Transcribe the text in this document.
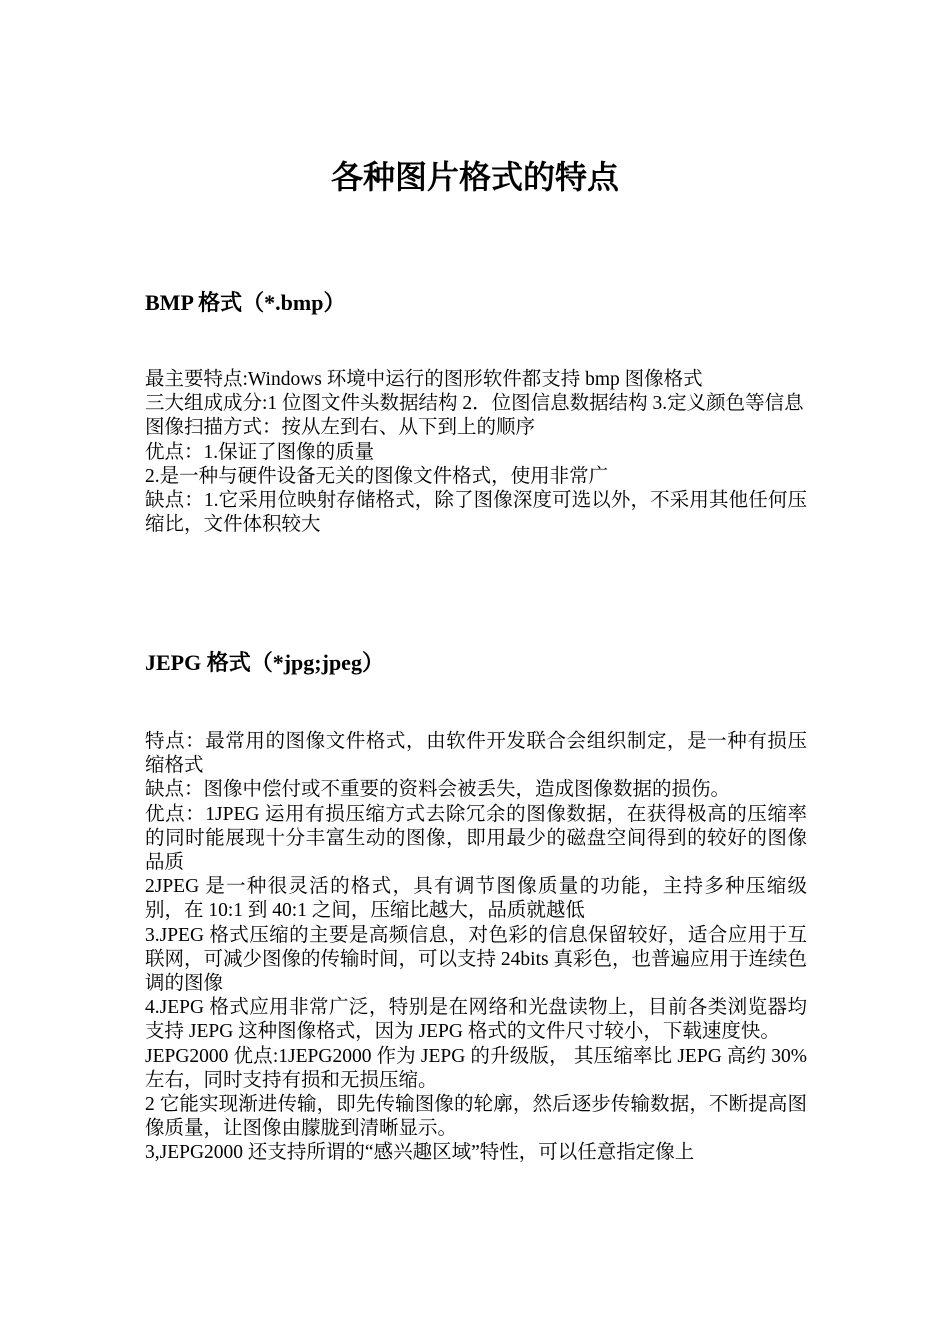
各种图片格式的特点
BMP 格式（*.bmp）

最主要特点:Windows 环境中运行的图形软件都支持 bmp 图像格式

三大组成成分:1 位图文件头数据结构 2．位图信息数据结构 3.定义颜色等信息

图像扫描方式：按从左到右、从下到上的顺序

优点：1.保证了图像的质量

2.是一种与硬件设备无关的图像文件格式，使用非常广

缺点：1.它采用位映射存储格式，除了图像深度可选以外，不采用其他任何压缩比，文件体积较大

JEPG 格式（*jpg;jpeg）

特点：最常用的图像文件格式，由软件开发联合会组织制定，是一种有损压缩格式

缺点：图像中偿付或不重要的资料会被丢失，造成图像数据的损伤。

优点：1JPEG 运用有损压缩方式去除冗余的图像数据，在获得极高的压缩率的同时能展现十分丰富生动的图像，即用最少的磁盘空间得到的较好的图像品质

2JPEG 是一种很灵活的格式，具有调节图像质量的功能，主持多种压缩级别，在 10:1 到 40:1 之间，压缩比越大，品质就越低

3.JPEG 格式压缩的主要是高频信息，对色彩的信息保留较好，适合应用于互联网，可减少图像的传输时间，可以支持 24bits 真彩色，也普遍应用于连续色调的图像

4.JEPG 格式应用非常广泛，特别是在网络和光盘读物上，目前各类浏览器均支持 JEPG 这种图像格式，因为 JEPG 格式的文件尺寸较小，下载速度快。

JEPG2000 优点:1JEPG2000 作为 JEPG 的升级版， 其压缩率比 JEPG 高约 30%左右，同时支持有损和无损压缩。

2 它能实现渐进传输，即先传输图像的轮廓，然后逐步传输数据，不断提高图像质量，让图像由朦胧到清晰显示。

3,JEPG2000 还支持所谓的“感兴趣区域”特性，可以任意指定像上
